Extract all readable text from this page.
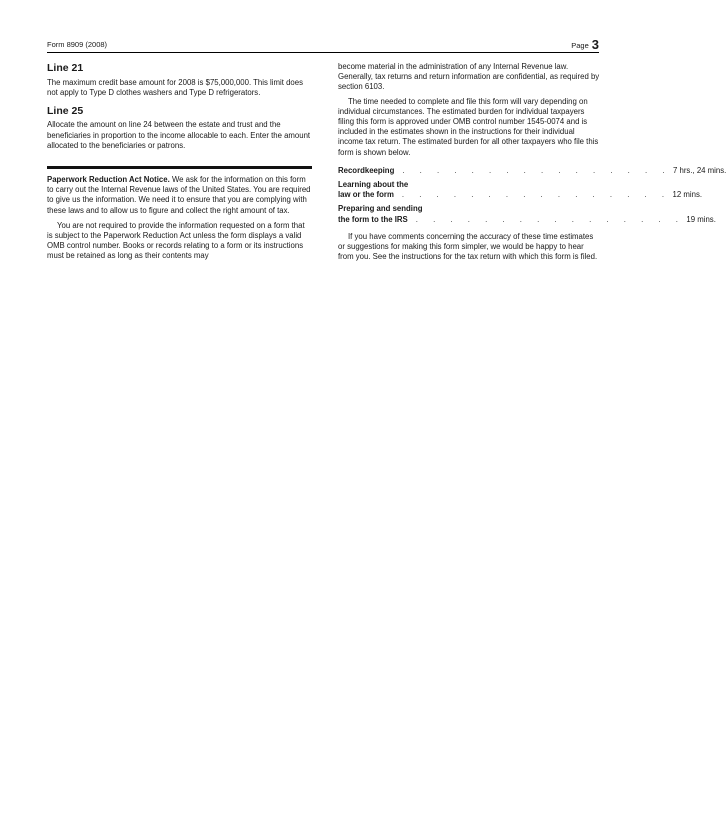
Form 8909 (2008)	Page 3
Line 21

The maximum credit base amount for 2008 is $75,000,000. This limit does not apply to Type D clothes washers and Type D refrigerators.

Line 25

Allocate the amount on line 24 between the estate and trust and the beneficiaries in proportion to the income allocable to each. Enter the amount allocated to the beneficiaries or patrons.

Paperwork Reduction Act Notice. We ask for the information on this form to carry out the Internal Revenue laws of the United States. You are required to give us the information. We need it to ensure that you are complying with these laws and to allow us to figure and collect the right amount of tax.

You are not required to provide the information requested on a form that is subject to the Paperwork Reduction Act unless the form displays a valid OMB control number. Books or records relating to a form or its instructions must be retained as long as their contents may

become material in the administration of any Internal Revenue law. Generally, tax returns and return information are confidential, as required by section 6103.

The time needed to complete and file this form will vary depending on individual circumstances. The estimated burden for individual taxpayers filing this form is approved under OMB control number 1545-0074 and is included in the estimates shown in the instructions for their individual income tax return. The estimated burden for all other taxpayers who file this form is shown below.

Recordkeeping	. . . . . . . . . . . . . . . . 7 hrs., 24 mins.
Learning about the
law or the form	. . . . . . . . . . . . . . . . 12 mins.
Preparing and sending
the form to the IRS	. . . . . . . . . . . . . . . . 19 mins.

If you have comments concerning the accuracy of these time estimates or suggestions for making this form simpler, we would be happy to hear from you. See the instructions for the tax return with which this form is filed.
